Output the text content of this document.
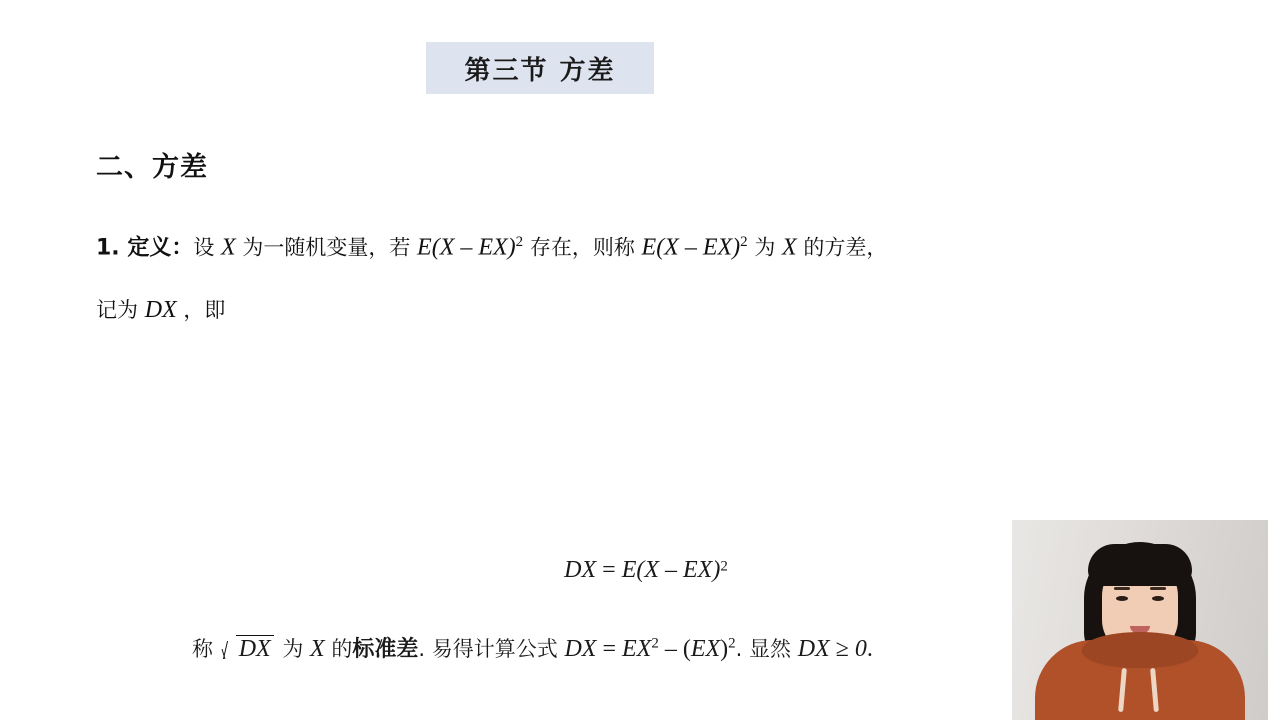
第三节 方差
二、方差
1. 定义：设 X 为一随机变量，若 E(X – EX)$^2$ 存在，则称 E(X – EX)$^2$ 为 X 的方差，
记为 DX ，即
DX = E(X – EX)2
称 DX 为 X 的标准差. 易得计算公式 DX = $EX^2 - (EX)^2$. 显然 DX ≥ 0.
